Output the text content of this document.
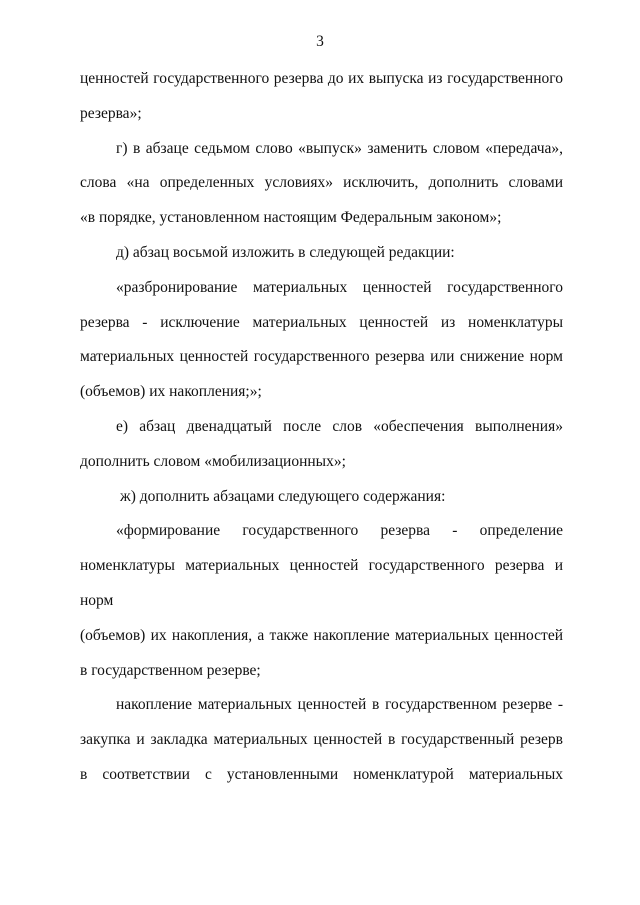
3

ценностей государственного резерва до их выпуска из государственного

резерва»;

г) в абзаце седьмом слово «выпуск» заменить словом «передача»,

слова «на определенных условиях» исключить, дополнить словами

«в порядке, установленном настоящим Федеральным законом»;

д) абзац восьмой изложить в следующей редакции:

«разбронирование материальных ценностей государственного

резерва - исключение материальных ценностей из номенклатуры

материальных ценностей государственного резерва или снижение норм

(объемов) их накопления;»;

е) абзац двенадцатый после слов «обеспечения выполнения»

дополнить словом «мобилизационных»;

ж) дополнить абзацами следующего содержания:

«формирование государственного резерва - определение

номенклатуры материальных ценностей государственного резерва и норм

(объемов) их накопления, а также накопление материальных ценностей

в государственном резерве;

накопление материальных ценностей в государственном резерве -

закупка и закладка материальных ценностей в государственный резерв

в соответствии с установленными номенклатурой материальных
